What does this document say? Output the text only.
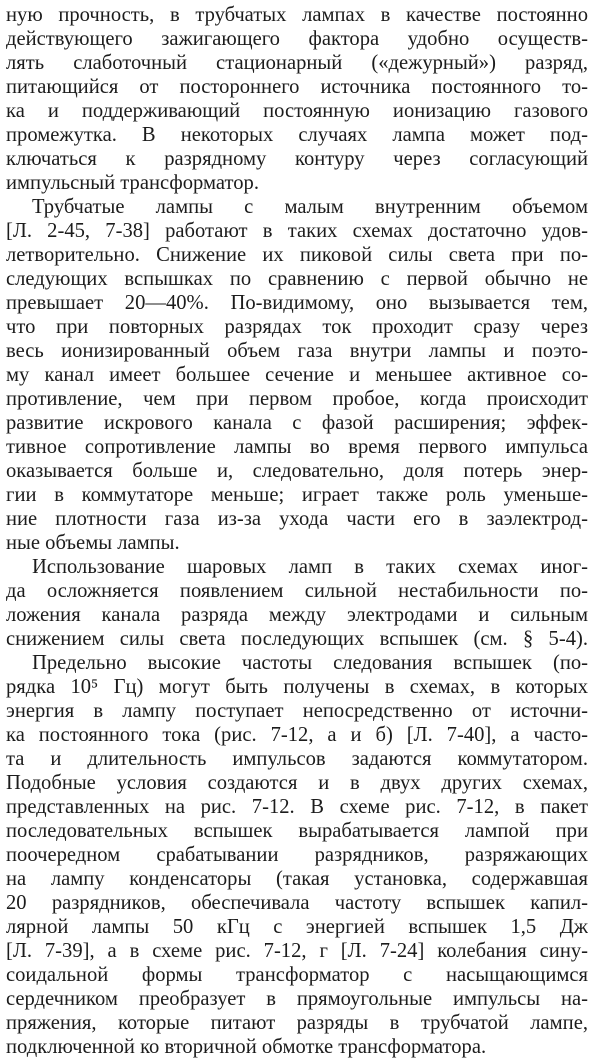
ную прочность, в трубчатых лампах в качестве постоянно
действующего зажигающего фактора удобно осуществ-
лять слаботочный стационарный («дежурный») разряд,
питающийся от постороннего источника постоянного то-
ка и поддерживающий постоянную ионизацию газового
промежутка. В некоторых случаях лампа может под-
ключаться к разрядному контуру через согласующий
импульсный трансформатор.
Трубчатые лампы с малым внутренним объемом
[Л. 2-45, 7-38] работают в таких схемах достаточно удов-
летворительно. Снижение их пиковой силы света при по-
следующих вспышках по сравнению с первой обычно не
превышает 20—40%. По-видимому, оно вызывается тем,
что при повторных разрядах ток проходит сразу через
весь ионизированный объем газа внутри лампы и поэто-
му канал имеет большее сечение и меньшее активное со-
противление, чем при первом пробое, когда происходит
развитие искрового канала с фазой расширения; эффек-
тивное сопротивление лампы во время первого импульса
оказывается больше и, следовательно, доля потерь энер-
гии в коммутаторе меньше; играет также роль уменьше-
ние плотности газа из-за ухода части его в заэлектрод-
ные объемы лампы.
Использование шаровых ламп в таких схемах иног-
да осложняется появлением сильной нестабильности по-
ложения канала разряда между электродами и сильным
снижением силы света последующих вспышек (см. § 5-4).
Предельно высокие частоты следования вспышек (по-
рядка 10⁵ Гц) могут быть получены в схемах, в которых
энергия в лампу поступает непосредственно от источни-
ка постоянного тока (рис. 7-12, а и б) [Л. 7-40], а часто-
та и длительность импульсов задаются коммутатором.
Подобные условия создаются и в двух других схемах,
представленных на рис. 7-12. В схеме рис. 7-12, в пакет
последовательных вспышек вырабатывается лампой при
поочередном срабатывании разрядников, разряжающих
на лампу конденсаторы (такая установка, содержавшая
20 разрядников, обеспечивала частоту вспышек капил-
лярной лампы 50 кГц с энергией вспышек 1,5 Дж
[Л. 7-39], а в схеме рис. 7-12, г [Л. 7-24] колебания сину-
соидальной формы трансформатор с насыщающимся
сердечником преобразует в прямоугольные импульсы на-
пряжения, которые питают разряды в трубчатой лампе,
подключенной ко вторичной обмотке трансформатора.
